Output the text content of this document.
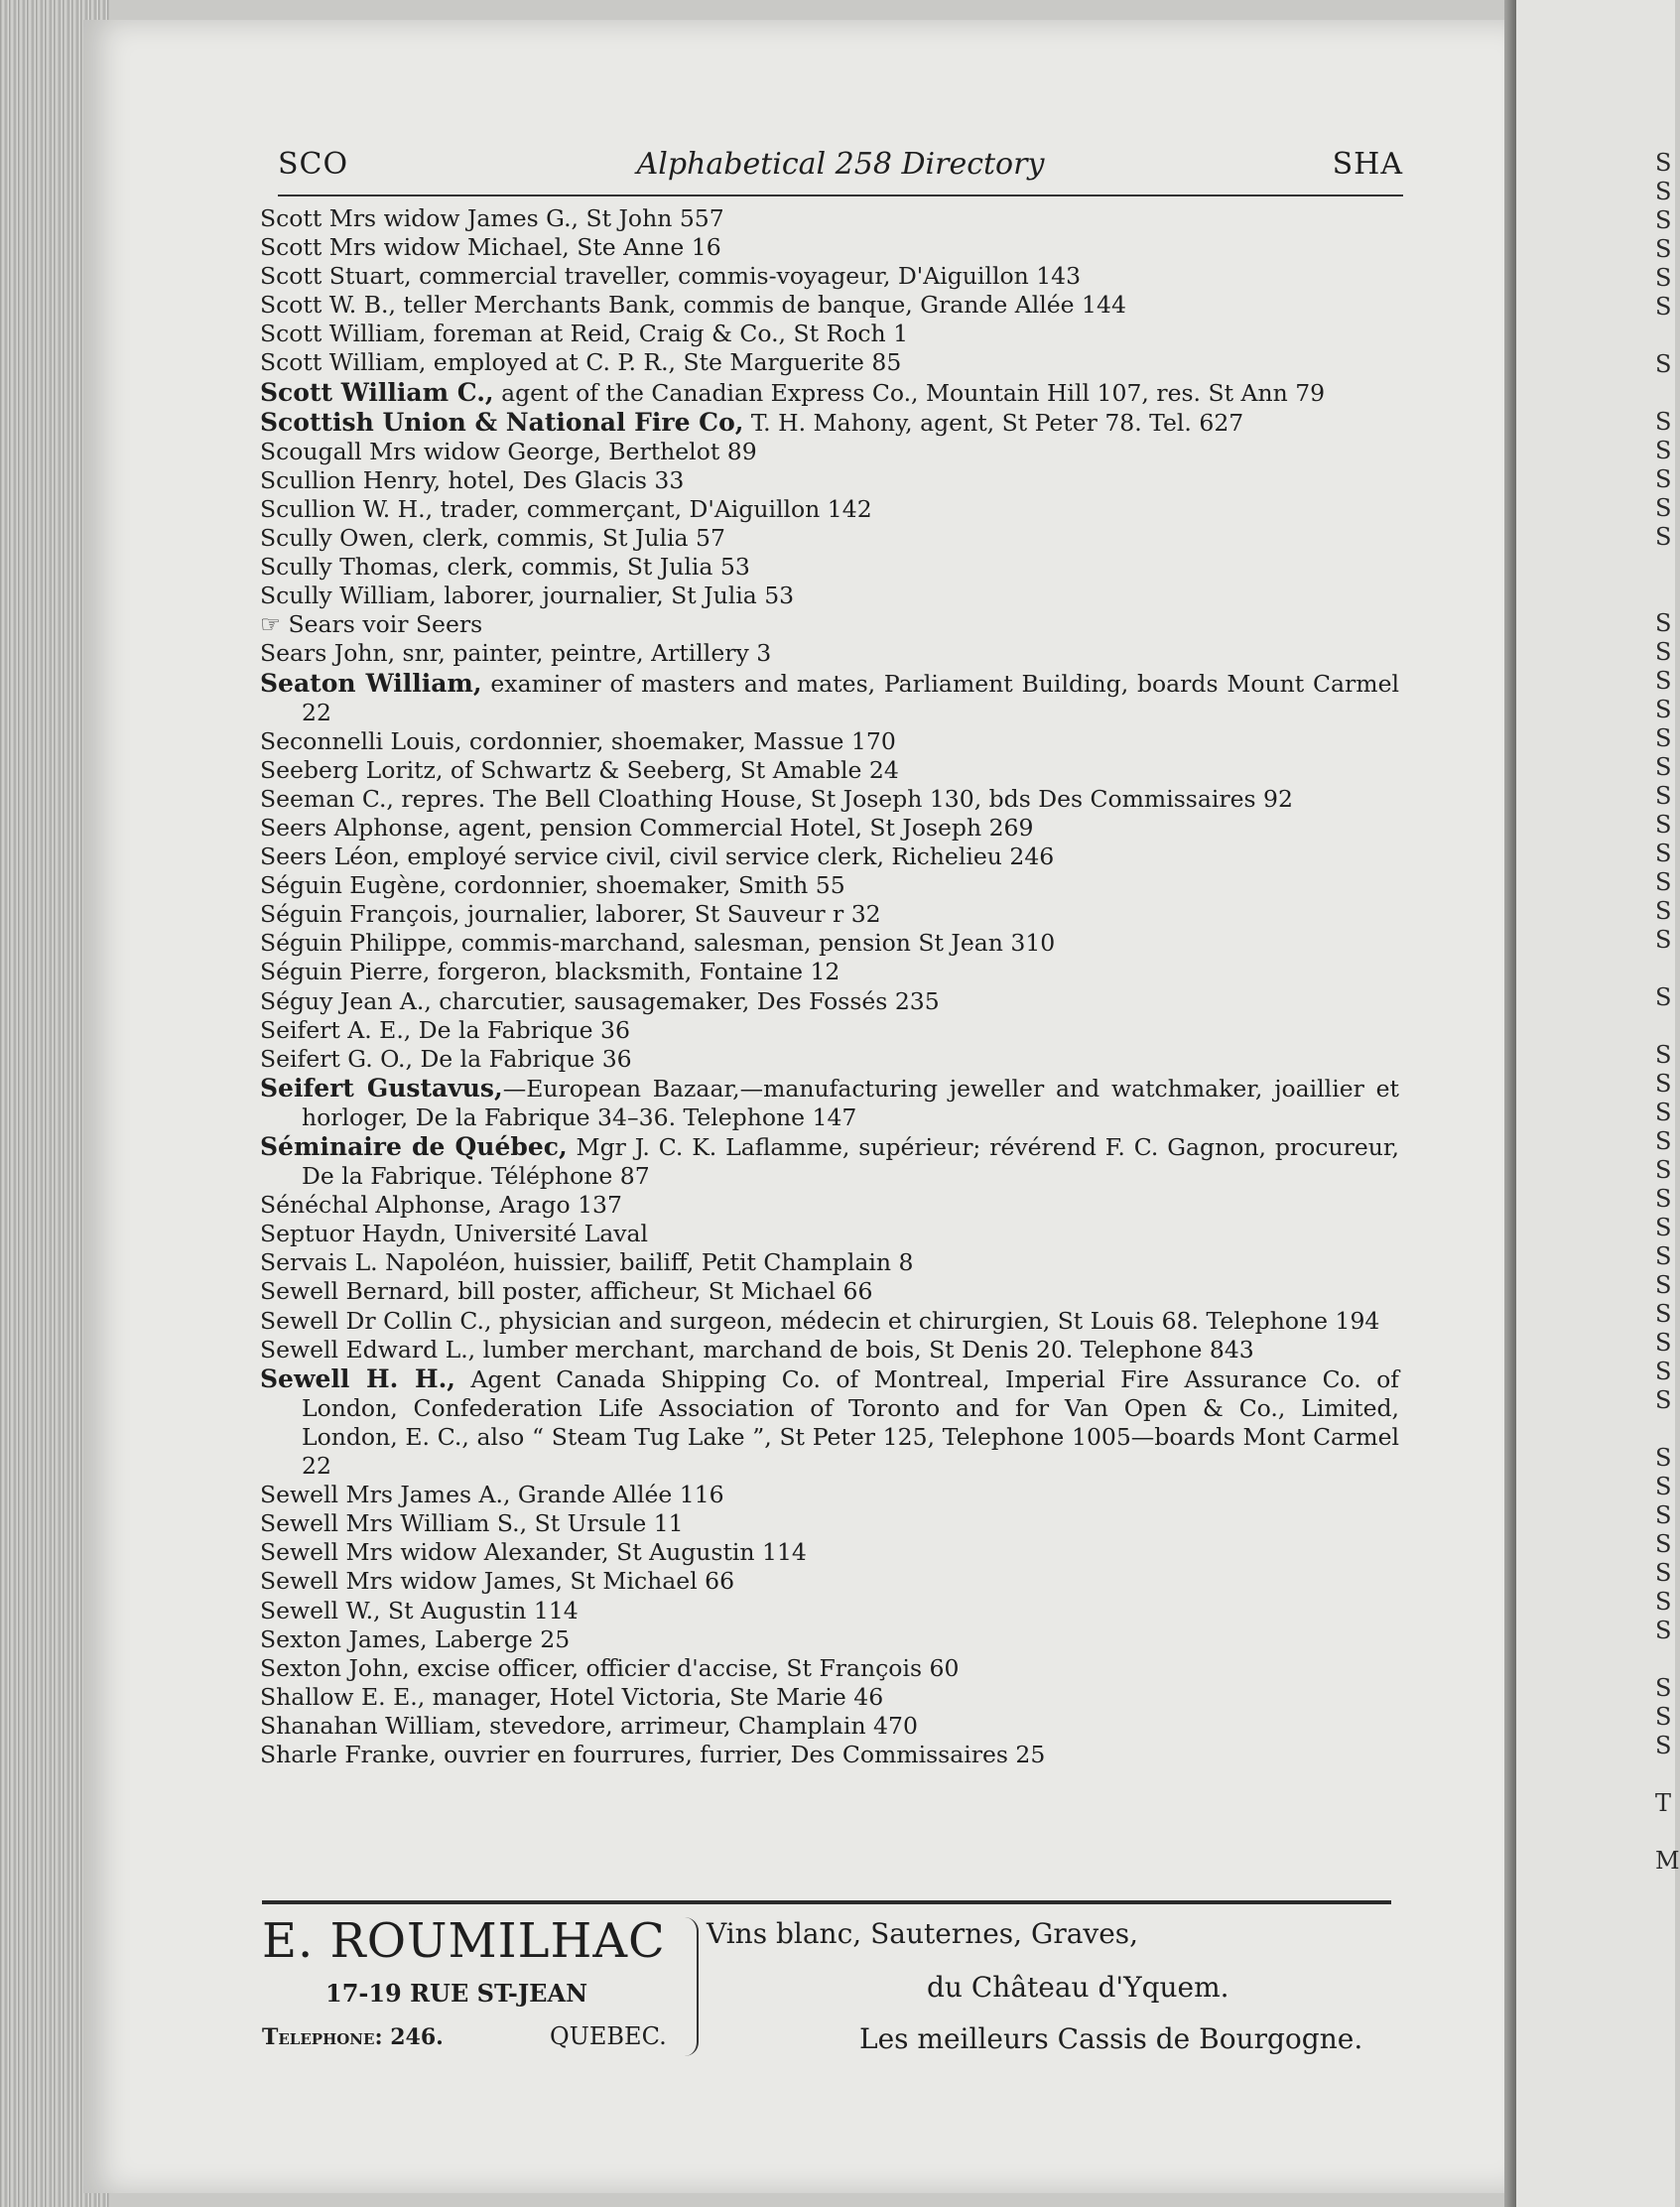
S
S
S
S
S
S
S
S
S
S
S
S
S
S
S
S
S
S
S
S
S
S
S
S
S
S
S
S
S
S
S
S
S
S
S
S
S
S
S
S
S
S
S
S
S
S
S
S
T
M
SCO	Alphabetical 258 Directory	SHA
Scott Mrs widow James G., St John 557
Scott Mrs widow Michael, Ste Anne 16
Scott Stuart, commercial traveller, commis-voyageur, D'Aiguillon 143
Scott W. B., teller Merchants Bank, commis de banque, Grande Allée 144
Scott William, foreman at Reid, Craig & Co., St Roch 1
Scott William, employed at C. P. R., Ste Marguerite 85
Scott William C., agent of the Canadian Express Co., Mountain Hill 107, res. St Ann 79
Scottish Union & National Fire Co, T. H. Mahony, agent, St Peter 78. Tel. 627
Scougall Mrs widow George, Berthelot 89
Scullion Henry, hotel, Des Glacis 33
Scullion W. H., trader, commerçant, D'Aiguillon 142
Scully Owen, clerk, commis, St Julia 57
Scully Thomas, clerk, commis, St Julia 53
Scully William, laborer, journalier, St Julia 53
☞ Sears voir Seers
Sears John, snr, painter, peintre, Artillery 3
Seaton William, examiner of masters and mates, Parliament Building, boards Mount Carmel 22
Seconnelli Louis, cordonnier, shoemaker, Massue 170
Seeberg Loritz, of Schwartz & Seeberg, St Amable 24
Seeman C., repres. The Bell Cloathing House, St Joseph 130, bds Des Commissaires 92
Seers Alphonse, agent, pension Commercial Hotel, St Joseph 269
Seers Léon, employé service civil, civil service clerk, Richelieu 246
Séguin Eugène, cordonnier, shoemaker, Smith 55
Séguin François, journalier, laborer, St Sauveur r 32
Séguin Philippe, commis-marchand, salesman, pension St Jean 310
Séguin Pierre, forgeron, blacksmith, Fontaine 12
Séguy Jean A., charcutier, sausagemaker, Des Fossés 235
Seifert A. E., De la Fabrique 36
Seifert G. O., De la Fabrique 36
Seifert Gustavus,—European Bazaar,—manufacturing jeweller and watchmaker, joaillier et horloger, De la Fabrique 34–36. Telephone 147
Séminaire de Québec, Mgr J. C. K. Laflamme, supérieur; révérend F. C. Gagnon, procureur, De la Fabrique. Téléphone 87
Sénéchal Alphonse, Arago 137
Septuor Haydn, Université Laval
Servais L. Napoléon, huissier, bailiff, Petit Champlain 8
Sewell Bernard, bill poster, afficheur, St Michael 66
Sewell Dr Collin C., physician and surgeon, médecin et chirurgien, St Louis 68. Telephone 194
Sewell Edward L., lumber merchant, marchand de bois, St Denis 20. Telephone 843
Sewell H. H., Agent Canada Shipping Co. of Montreal, Imperial Fire Assurance Co. of London, Confederation Life Association of Toronto and for Van Open & Co., Limited, London, E. C., also “ Steam Tug Lake ”, St Peter 125, Telephone 1005—boards Mont Carmel 22
Sewell Mrs James A., Grande Allée 116
Sewell Mrs William S., St Ursule 11
Sewell Mrs widow Alexander, St Augustin 114
Sewell Mrs widow James, St Michael 66
Sewell W., St Augustin 114
Sexton James, Laberge 25
Sexton John, excise officer, officier d'accise, St François 60
Shallow E. E., manager, Hotel Victoria, Ste Marie 46
Shanahan William, stevedore, arrimeur, Champlain 470
Sharle Franke, ouvrier en fourrures, furrier, Des Commissaires 25
E. ROUMILHAC
17-19 RUE ST-JEAN
Telephone: 246.	QUEBEC.
Vins blanc, Sauternes, Graves,
du Château d'Yquem.
Les meilleurs Cassis de Bourgogne.
